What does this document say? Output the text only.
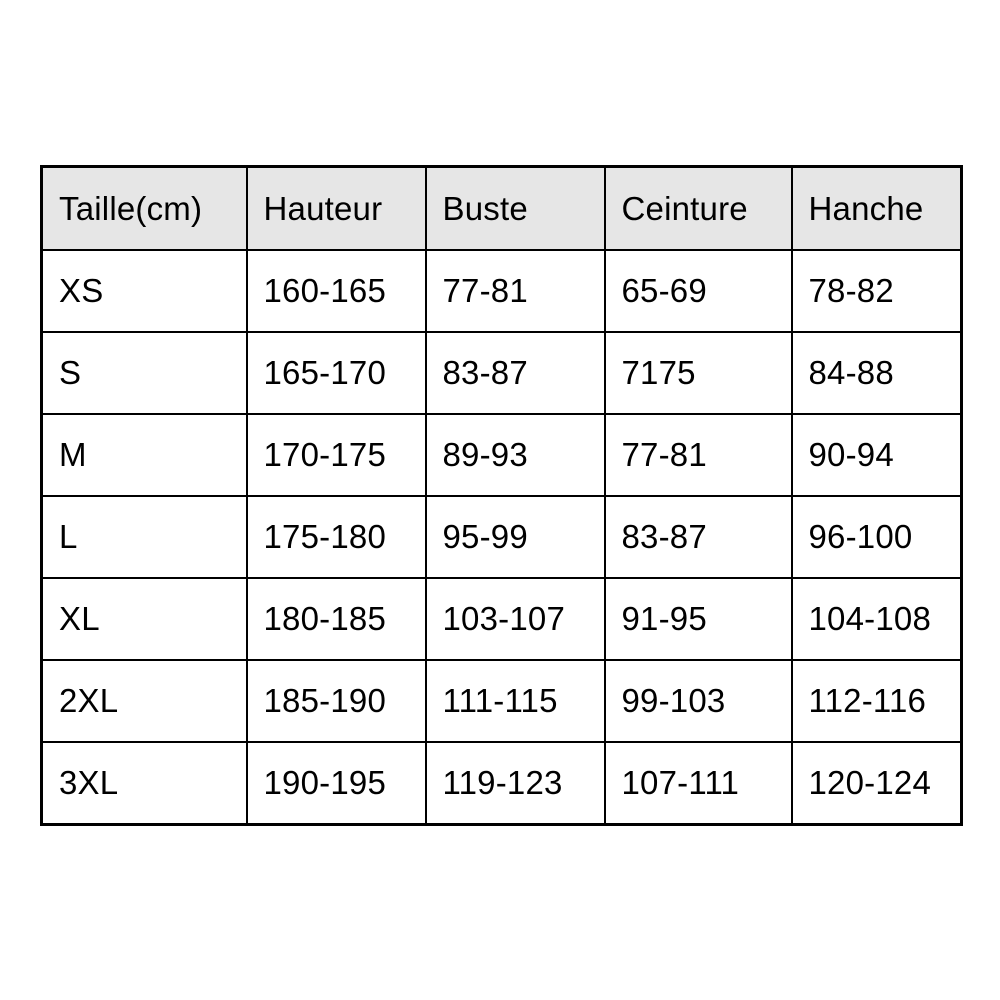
Taille(cm)	Hauteur	Buste	Ceinture	Hanche
XS	160-165	77-81	65-69	78-82
S	165-170	83-87	7175	84-88
M	170-175	89-93	77-81	90-94
L	175-180	95-99	83-87	96-100
XL	180-185	103-107	91-95	104-108
2XL	185-190	111-115	99-103	112-116
3XL	190-195	119-123	107-111	120-124
